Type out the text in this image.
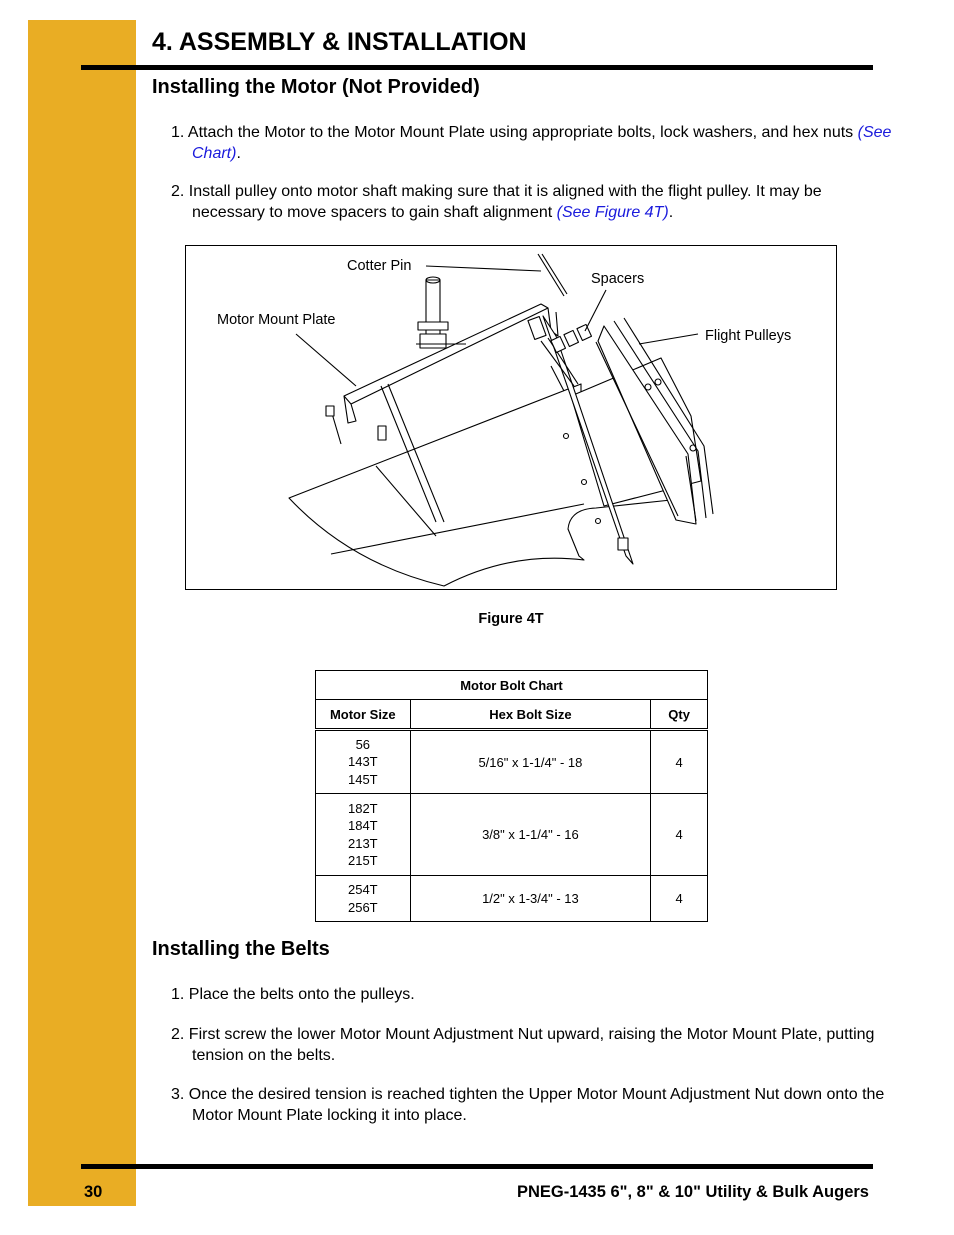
4. ASSEMBLY & INSTALLATION
Installing the Motor (Not Provided)
1. Attach the Motor to the Motor Mount Plate using appropriate bolts, lock washers, and hex nuts (See Chart).
2. Install pulley onto motor shaft making sure that it is aligned with the flight pulley. It may be necessary to move spacers to gain shaft alignment (See Figure 4T).
Cotter Pin
Spacers
Motor Mount Plate
Flight Pulleys
Figure 4T
Motor Bolt Chart		
Motor Size	Hex Bolt Size	Qty

56
143T
145T	5/16" x 1-1/4" - 18	4

182T
184T
213T
215T	3/8" x 1-1/4" - 16	4

254T
256T	1/2" x 1-3/4" - 13	4
Installing the Belts
1. Place the belts onto the pulleys.
2. First screw the lower Motor Mount Adjustment Nut upward, raising the Motor Mount Plate, putting tension on the belts.
3. Once the desired tension is reached tighten the Upper Motor Mount Adjustment Nut down onto the Motor Mount Plate locking it into place.
30	PNEG-1435 6", 8" & 10" Utility & Bulk Augers
